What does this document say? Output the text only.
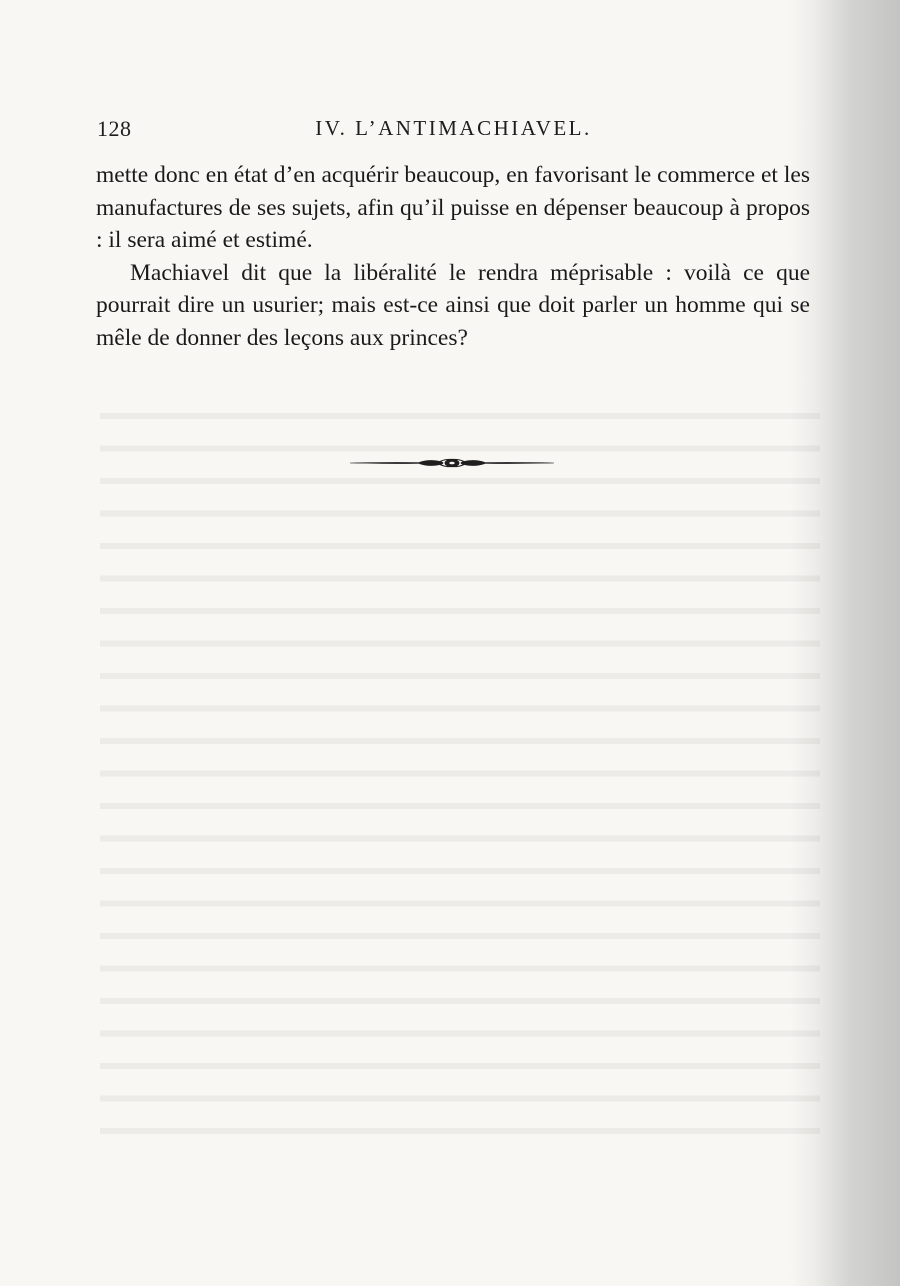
128	IV. L’ANTIMACHIAVEL.

mette donc en état d’en acquérir beaucoup, en favorisant le commerce et les manufactures de ses sujets, afin qu’il puisse en dépenser beaucoup à propos : il sera aimé et estimé.

Machiavel dit que la libéralité le rendra méprisable : voilà ce que pourrait dire un usurier; mais est-ce ainsi que doit parler un homme qui se mêle de donner des leçons aux princes?
